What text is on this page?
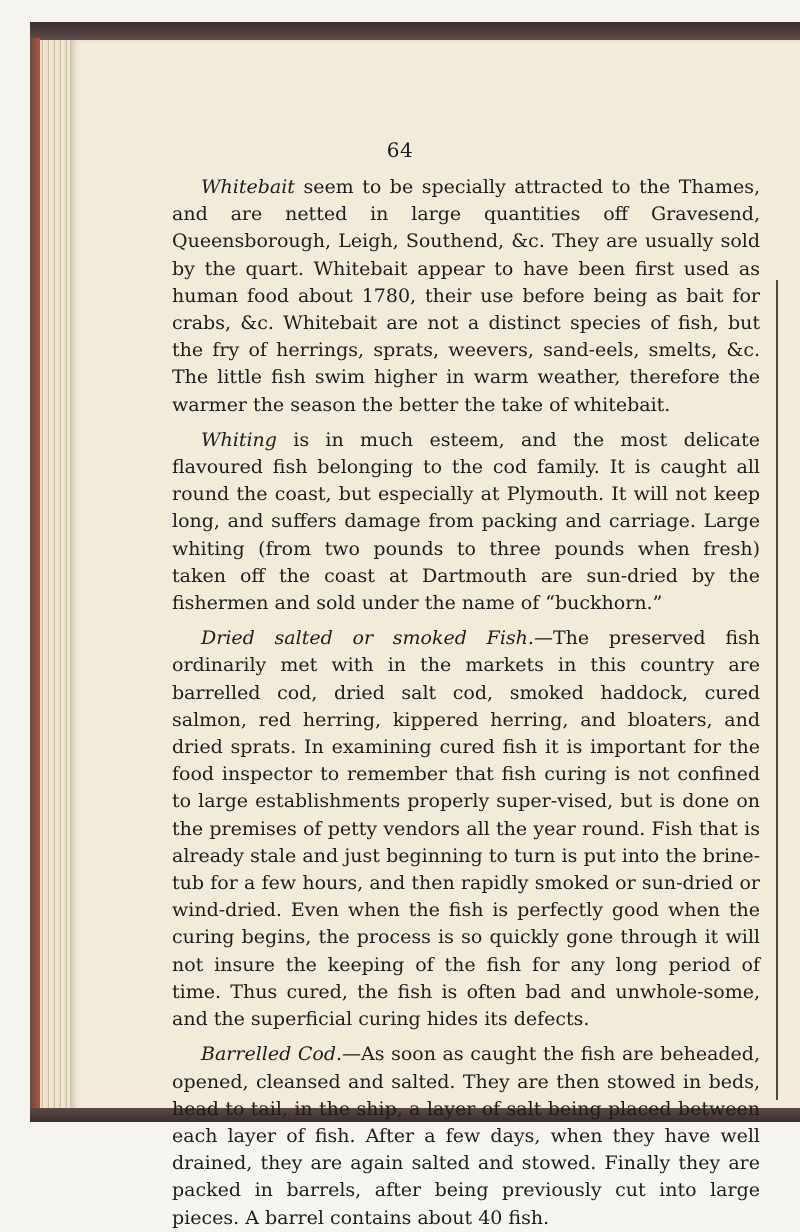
64

Whitebait seem to be specially attracted to the Thames, and are netted in large quantities off Gravesend, Queensborough, Leigh, Southend, &c. They are usually sold by the quart. Whitebait appear to have been first used as human food about 1780, their use before being as bait for crabs, &c. Whitebait are not a distinct species of fish, but the fry of herrings, sprats, weevers, sand-eels, smelts, &c. The little fish swim higher in warm weather, therefore the warmer the season the better the take of whitebait.

Whiting is in much esteem, and the most delicate flavoured fish belonging to the cod family. It is caught all round the coast, but especially at Plymouth. It will not keep long, and suffers damage from packing and carriage. Large whiting (from two pounds to three pounds when fresh) taken off the coast at Dartmouth are sun-dried by the fishermen and sold under the name of “buckhorn.”

Dried salted or smoked Fish.—The preserved fish ordinarily met with in the markets in this country are barrelled cod, dried salt cod, smoked haddock, cured salmon, red herring, kippered herring, and bloaters, and dried sprats. In examining cured fish it is important for the food inspector to remember that fish curing is not confined to large establishments properly super-vised, but is done on the premises of petty vendors all the year round. Fish that is already stale and just beginning to turn is put into the brine-tub for a few hours, and then rapidly smoked or sun-dried or wind-dried. Even when the fish is perfectly good when the curing begins, the process is so quickly gone through it will not insure the keeping of the fish for any long period of time. Thus cured, the fish is often bad and unwhole-some, and the superficial curing hides its defects.

Barrelled Cod.—As soon as caught the fish are beheaded, opened, cleansed and salted. They are then stowed in beds, head to tail, in the ship, a layer of salt being placed between each layer of fish. After a few days, when they have well drained, they are again salted and stowed. Finally they are packed in barrels, after being previously cut into large pieces. A barrel contains about 40 fish.
